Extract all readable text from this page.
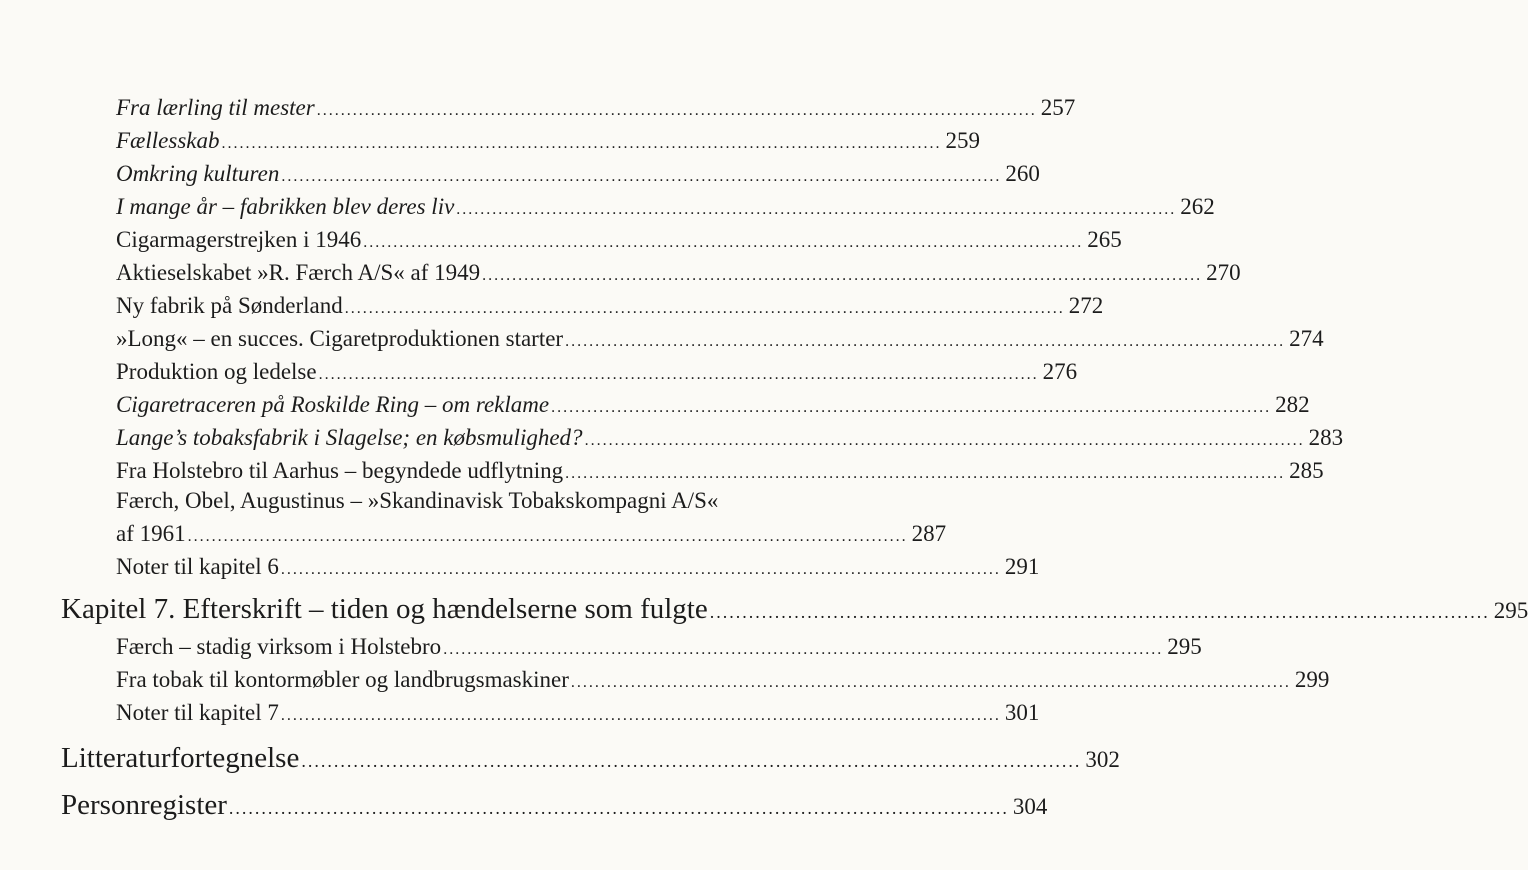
Fra lærling til mester ........................................................................................................................ 257
Fællesskab ........................................................................................................................ 259
Omkring kulturen ........................................................................................................................ 260
I mange år – fabrikken blev deres liv ........................................................................................................................ 262
Cigarmagerstrejken i 1946 ........................................................................................................................ 265
Aktieselskabet »R. Færch A/S« af 1949 ........................................................................................................................ 270
Ny fabrik på Sønderland ........................................................................................................................ 272
»Long« – en succes. Cigaretproduktionen starter ........................................................................................................................ 274
Produktion og ledelse ........................................................................................................................ 276
Cigaretraceren på Roskilde Ring – om reklame ........................................................................................................................ 282
Lange’s tobaksfabrik i Slagelse; en købsmulighed? ........................................................................................................................ 283
Fra Holstebro til Aarhus – begyndede udflytning ........................................................................................................................ 285
Færch, Obel, Augustinus – »Skandinavisk Tobakskompagni A/S«
af 1961 ........................................................................................................................ 287
Noter til kapitel 6 ........................................................................................................................ 291
Kapitel 7. Efterskrift – tiden og hændelserne som fulgte ........................................................................................................................ 295
Færch – stadig virksom i Holstebro ........................................................................................................................ 295
Fra tobak til kontormøbler og landbrugsmaskiner ........................................................................................................................ 299
Noter til kapitel 7 ........................................................................................................................ 301
Litteraturfortegnelse ........................................................................................................................ 302
Personregister ........................................................................................................................ 304
